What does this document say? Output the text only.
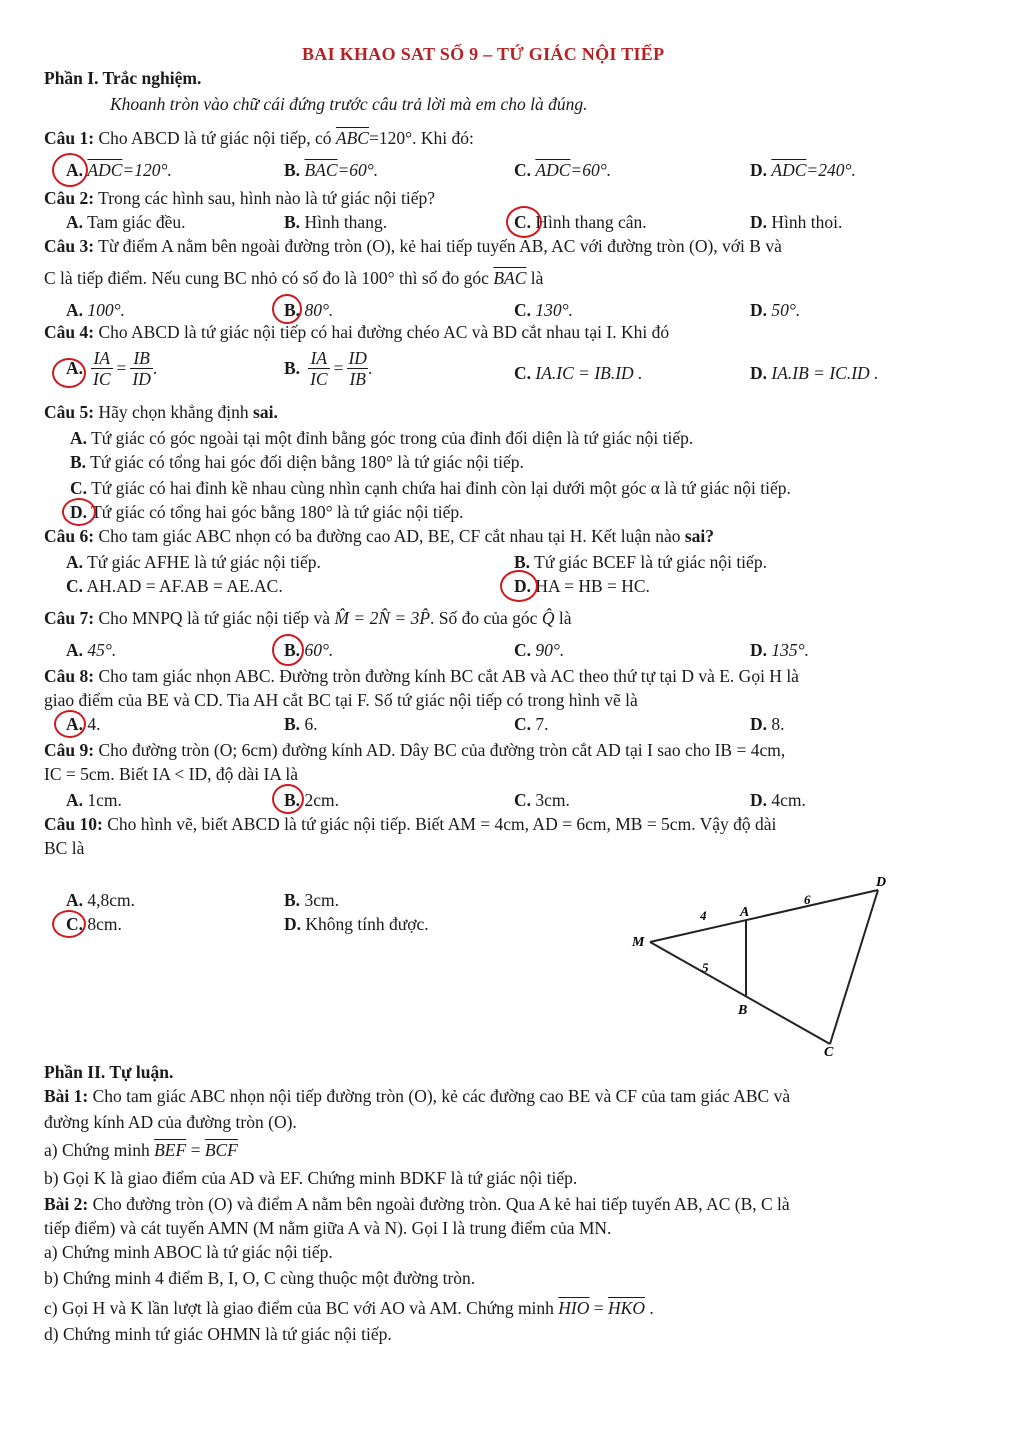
BAI KHAO SAT SỐ 9 – TỨ GIÁC NỘI TIẾP
Phần I. Trắc nghiệm.
Khoanh tròn vào chữ cái đứng trước câu trả lời mà em cho là đúng.
Câu 1: Cho ABCD là tứ giác nội tiếp, có $\overline{ABC}=120^\circ$. Khi đó:
A. $\overline{ADC}=120^\circ$.	B. $\overline{BAC}=60^\circ$.	C. $\overline{ADC}=60^\circ$.	D. $\overline{ADC}=240^\circ$.
Câu 2: Trong các hình sau, hình nào là tứ giác nội tiếp?
A. Tam giác đều.	B. Hình thang.	C. Hình thang cân.	D. Hình thoi.
Câu 3: Từ điểm A nằm bên ngoài đường tròn (O), kẻ hai tiếp tuyến AB, AC với đường tròn (O), với B và
C là tiếp điểm. Nếu cung BC nhỏ có số đo là 100° thì số đo góc $\overline{BAC}$ là
A. 100°.	B. 80°.	C. 130°.	D. 50°.
Câu 4: Cho ABCD là tứ giác nội tiếp có hai đường chéo AC và BD cắt nhau tại I. Khi đó
A. $\frac{IA}{IC} = \frac{IB}{ID}$ .	B. $\frac{IA}{IC} = \frac{ID}{IB}$ .	C. IA.IC = IB.ID .	D. IA.IB = IC.ID .
Câu 5: Hãy chọn khẳng định sai.
A. Tứ giác có góc ngoài tại một đỉnh bằng góc trong của đỉnh đối diện là tứ giác nội tiếp.
B. Tứ giác có tổng hai góc đối diện bằng 180° là tứ giác nội tiếp.
C. Tứ giác có hai đỉnh kề nhau cùng nhìn cạnh chứa hai đỉnh còn lại dưới một góc α là tứ giác nội tiếp.
D. Tứ giác có tổng hai góc bằng 180° là tứ giác nội tiếp.
Câu 6: Cho tam giác ABC nhọn có ba đường cao AD, BE, CF cắt nhau tại H. Kết luận nào sai?
A. Tứ giác AFHE là tứ giác nội tiếp.	B. Tứ giác BCEF là tứ giác nội tiếp.
C. AH.AD = AF.AB = AE.AC.	D. HA = HB = HC.
Câu 7: Cho MNPQ là tứ giác nội tiếp và M̂ = 2N̂ = 3P̂. Số đo của góc Q̂ là
A. 45°.	B. 60°.	C. 90°.	D. 135°.
Câu 8: Cho tam giác nhọn ABC. Đường tròn đường kính BC cắt AB và AC theo thứ tự tại D và E. Gọi H là
giao điểm của BE và CD. Tia AH cắt BC tại F. Số tứ giác nội tiếp có trong hình vẽ là
A. 4.	B. 6.	C. 7.	D. 8.
Câu 9: Cho đường tròn (O; 6cm) đường kính AD. Dây BC của đường tròn cắt AD tại I sao cho IB = 4cm,
IC = 5cm. Biết IA < ID, độ dài IA là
A. 1cm.	B. 2cm.	C. 3cm.	D. 4cm.
Câu 10: Cho hình vẽ, biết ABCD là tứ giác nội tiếp. Biết AM = 4cm, AD = 6cm, MB = 5cm. Vậy độ dài
BC là
A. 4,8cm.	B. 3cm.
C. 8cm.	D. Không tính được.
D
A
M
B
C
4
6
5
Phần II. Tự luận.
Bài 1: Cho tam giác ABC nhọn nội tiếp đường tròn (O), kẻ các đường cao BE và CF của tam giác ABC và
đường kính AD của đường tròn (O).
a) Chứng minh $\overline{BEF} = \overline{BCF}$
b) Gọi K là giao điểm của AD và EF. Chứng minh BDKF là tứ giác nội tiếp.
Bài 2: Cho đường tròn (O) và điểm A nằm bên ngoài đường tròn. Qua A kẻ hai tiếp tuyến AB, AC (B, C là
tiếp điểm) và cát tuyến AMN (M nằm giữa A và N). Gọi I là trung điểm của MN.
a) Chứng minh ABOC là tứ giác nội tiếp.
b) Chứng minh 4 điểm B, I, O, C cùng thuộc một đường tròn.
c) Gọi H và K lần lượt là giao điểm của BC với AO và AM. Chứng minh $\overline{HIO} = \overline{HKO}$ .
d) Chứng minh tứ giác OHMN là tứ giác nội tiếp.
